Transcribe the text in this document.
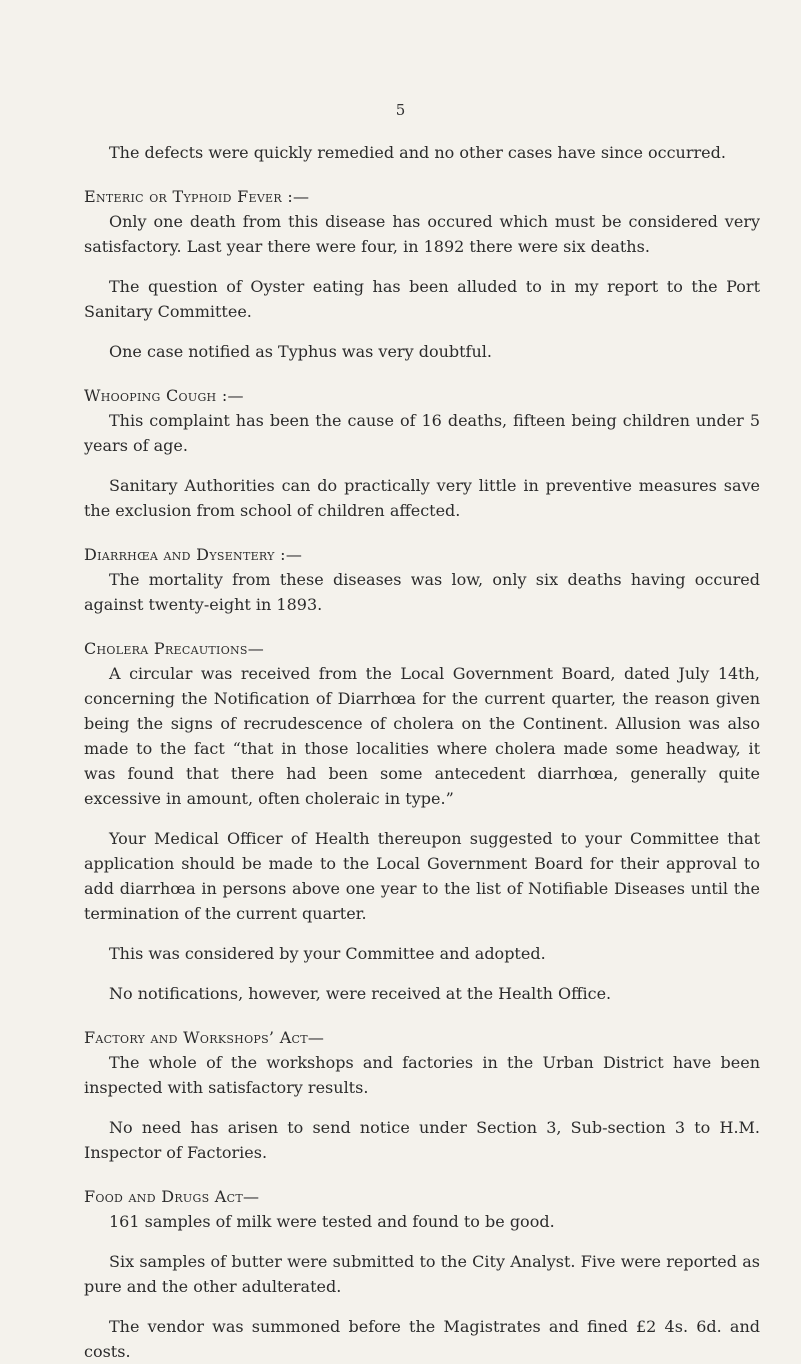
5

The defects were quickly remedied and no other cases have since occurred.

Enteric or Typhoid Fever :—

Only one death from this disease has occured which must be considered very satisfactory. Last year there were four, in 1892 there were six deaths.

The question of Oyster eating has been alluded to in my report to the Port Sanitary Committee.

One case notified as Typhus was very doubtful.

Whooping Cough :—

This complaint has been the cause of 16 deaths, fifteen being children under 5 years of age.

Sanitary Authorities can do practically very little in preventive measures save the exclusion from school of children affected.

Diarrhœa and Dysentery :—

The mortality from these diseases was low, only six deaths having occured against twenty-eight in 1893.

Cholera Precautions—

A circular was received from the Local Government Board, dated July 14th, concerning the Notification of Diarrhœa for the current quarter, the reason given being the signs of recrudescence of cholera on the Continent. Allusion was also made to the fact “that in those localities where cholera made some headway, it was found that there had been some antecedent diarrhœa, generally quite excessive in amount, often choleraic in type.”

Your Medical Officer of Health thereupon suggested to your Committee that application should be made to the Local Government Board for their approval to add diarrhœa in persons above one year to the list of Notifiable Diseases until the termination of the current quarter.

This was considered by your Committee and adopted.

No notifications, however, were received at the Health Office.

Factory and Workshops’ Act—

The whole of the workshops and factories in the Urban District have been inspected with satisfactory results.

No need has arisen to send notice under Section 3, Sub-section 3 to H.M. Inspector of Factories.

Food and Drugs Act—

161 samples of milk were tested and found to be good.

Six samples of butter were submitted to the City Analyst. Five were reported as pure and the other adulterated.

The vendor was summoned before the Magistrates and fined £2 4s. 6d. and costs.
